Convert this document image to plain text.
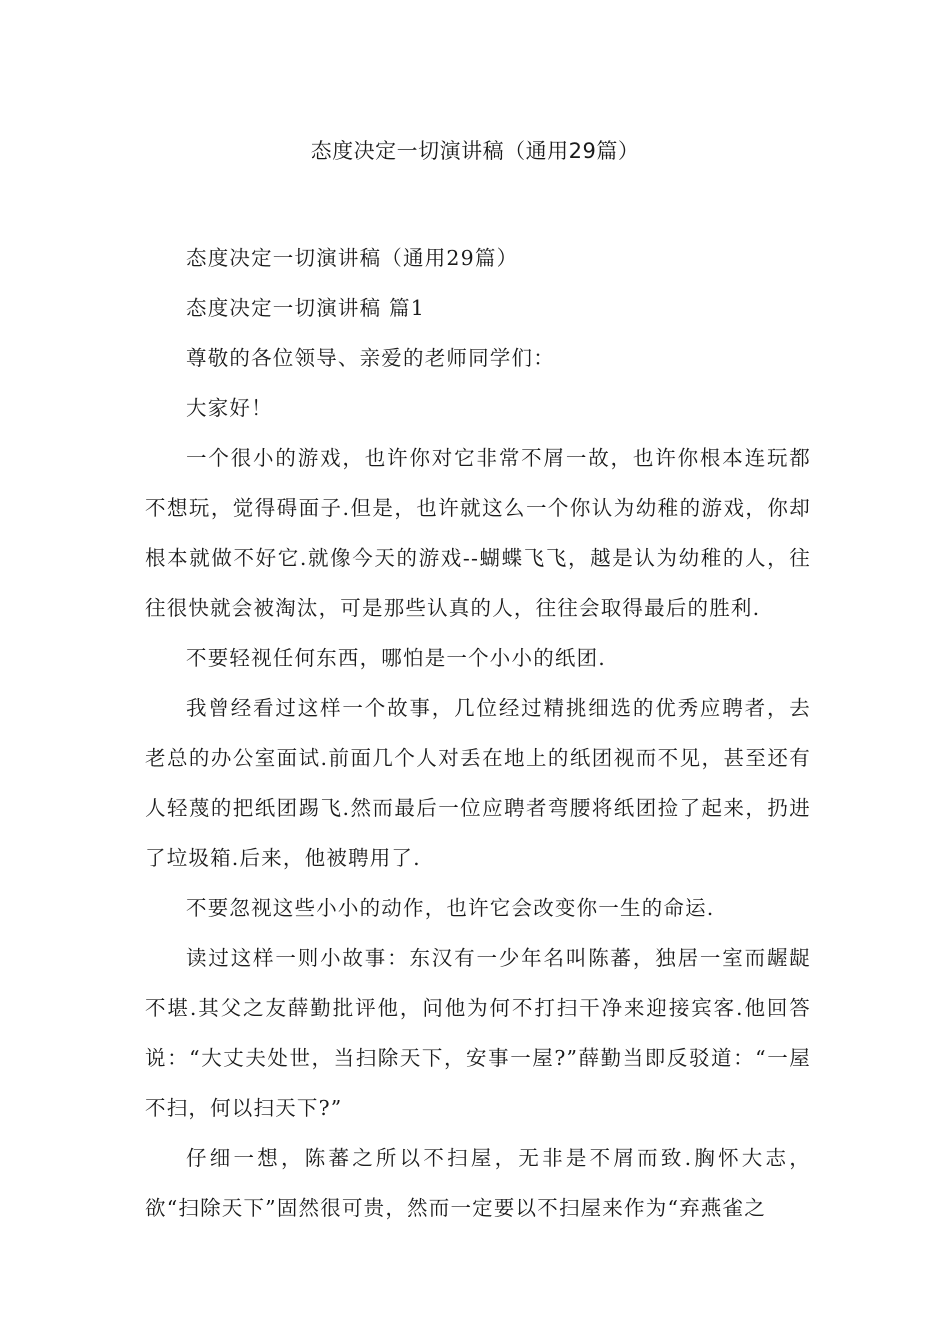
态度决定一切演讲稿（通用29篇）

态度决定一切演讲稿（通用29篇）

态度决定一切演讲稿 篇1

尊敬的各位领导、亲爱的老师同学们：

大家好！

一个很小的游戏，也许你对它非常不屑一故，也许你根本连玩都不想玩，觉得碍面子.但是，也许就这么一个你认为幼稚的游戏，你却根本就做不好它.就像今天的游戏--蝴蝶飞飞，越是认为幼稚的人，往往很快就会被淘汰，可是那些认真的人，往往会取得最后的胜利.

不要轻视任何东西，哪怕是一个小小的纸团.

我曾经看过这样一个故事，几位经过精挑细选的优秀应聘者，去老总的办公室面试.前面几个人对丢在地上的纸团视而不见，甚至还有人轻蔑的把纸团踢飞.然而最后一位应聘者弯腰将纸团捡了起来，扔进了垃圾箱.后来，他被聘用了.

不要忽视这些小小的动作，也许它会改变你一生的命运.

读过这样一则小故事：东汉有一少年名叫陈蕃，独居一室而龌龊不堪.其父之友薛勤批评他，问他为何不打扫干净来迎接宾客.他回答说：“大丈夫处世，当扫除天下，安事一屋?”薛勤当即反驳道：“一屋不扫，何以扫天下?”

仔细一想，陈蕃之所以不扫屋，无非是不屑而致.胸怀大志，欲“扫除天下”固然很可贵，然而一定要以不扫屋来作为“弃燕雀之
